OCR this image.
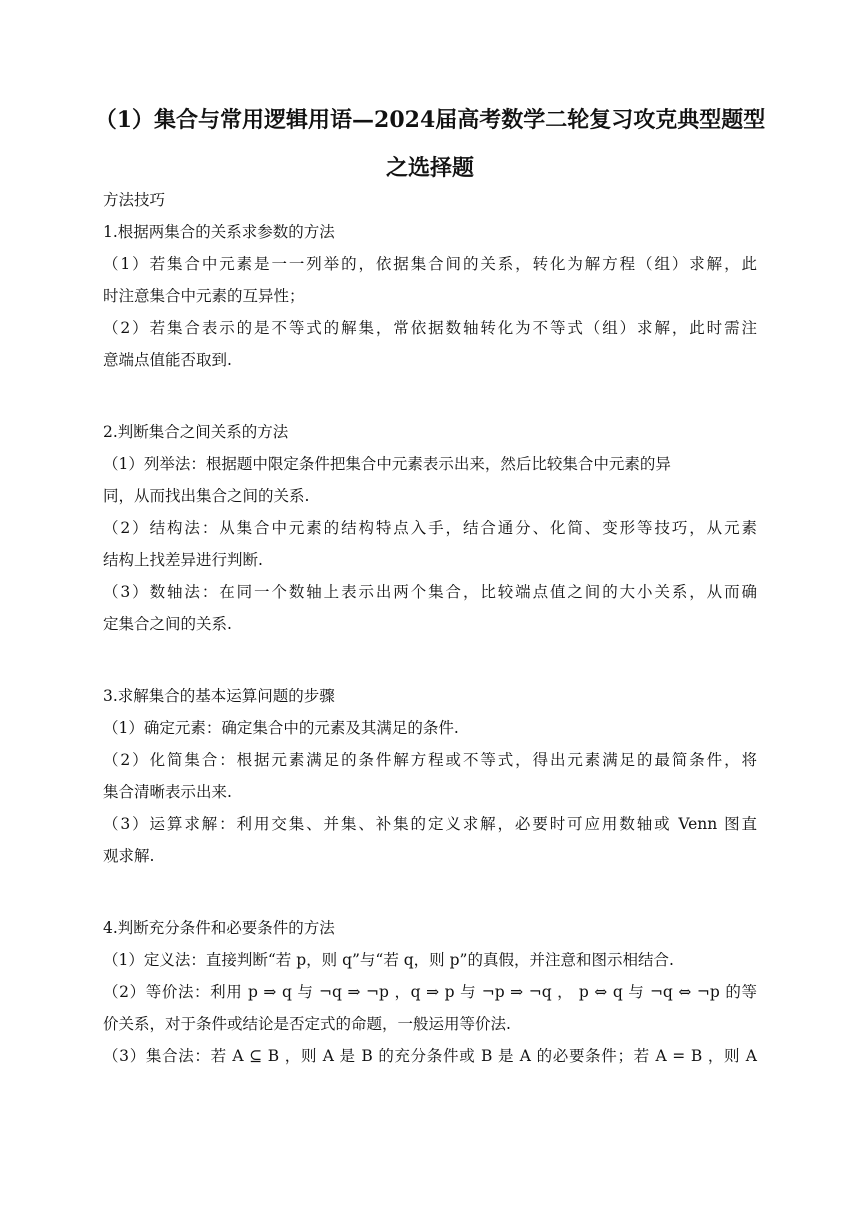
（1）集合与常用逻辑用语—2024届高考数学二轮复习攻克典型题型
之选择题
方法技巧
1.根据两集合的关系求参数的方法
（1）若集合中元素是一一列举的，依据集合间的关系，转化为解方程（组）求解，此
时注意集合中元素的互异性；
（2）若集合表示的是不等式的解集，常依据数轴转化为不等式（组）求解，此时需注
意端点值能否取到.
2.判断集合之间关系的方法
（1）列举法：根据题中限定条件把集合中元素表示出来，然后比较集合中元素的异
同，从而找出集合之间的关系.
（2）结构法：从集合中元素的结构特点入手，结合通分、化简、变形等技巧，从元素
结构上找差异进行判断.
（3）数轴法：在同一个数轴上表示出两个集合，比较端点值之间的大小关系，从而确
定集合之间的关系.
3.求解集合的基本运算问题的步骤
（1）确定元素：确定集合中的元素及其满足的条件.
（2）化简集合：根据元素满足的条件解方程或不等式，得出元素满足的最简条件，将
集合清晰表示出来.
（3）运算求解：利用交集、并集、补集的定义求解，必要时可应用数轴或 Venn 图直
观求解.
4.判断充分条件和必要条件的方法
（1）定义法：直接判断“若 p，则 q”与“若 q，则 p”的真假，并注意和图示相结合.
（2）等价法：利用 p ⇒ q 与 ¬q ⇒ ¬p ，q ⇒ p 与 ¬p ⇒ ¬q ， p ⇔ q 与 ¬q ⇔ ¬p 的等
价关系，对于条件或结论是否定式的命题，一般运用等价法.
（3）集合法：若 A ⊆ B ，则 A 是 B 的充分条件或 B 是 A 的必要条件；若 A = B ，则 A
